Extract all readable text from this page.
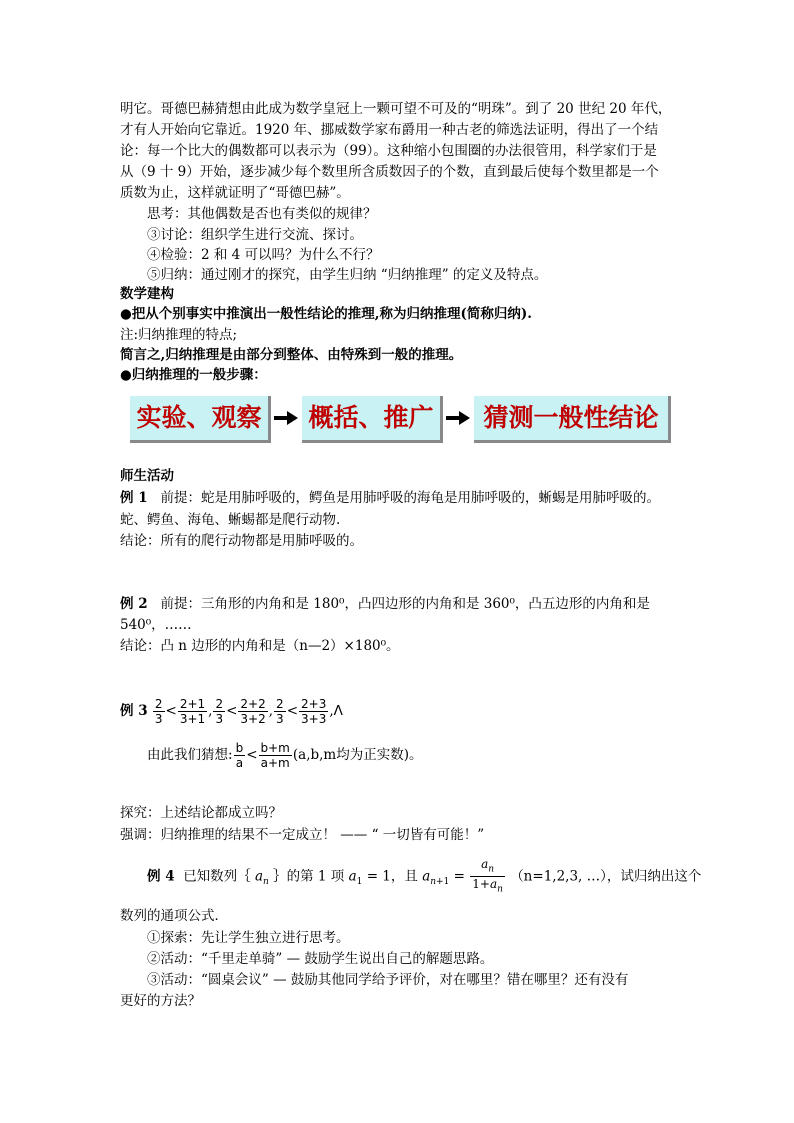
明它。哥德巴赫猜想由此成为数学皇冠上一颗可望不可及的“明珠”。到了 20 世纪 20 年代，
才有人开始向它靠近。1920 年、挪威数学家布爵用一种古老的筛选法证明，得出了一个结
论：每一个比大的偶数都可以表示为（99）。这种缩小包围圈的办法很管用，科学家们于是
从（9 十 9）开始，逐步减少每个数里所含质数因子的个数，直到最后使每个数里都是一个
质数为止，这样就证明了“哥德巴赫”。
思考：其他偶数是否也有类似的规律？
③讨论：组织学生进行交流、探讨。
④检验：2 和 4 可以吗？为什么不行？
⑤归纳：通过刚才的探究，由学生归纳 “归纳推理” 的定义及特点。
数学建构
●把从个别事实中推演出一般性结论的推理,称为归纳推理(简称归纳).
注:归纳推理的特点;
简言之,归纳推理是由部分到整体、由特殊到一般的推理。
●归纳推理的一般步骤：
实验、观察	概括、推广	猜测一般性结论
师生活动
例 1 前提：蛇是用肺呼吸的，鳄鱼是用肺呼吸的海龟是用肺呼吸的，蜥蜴是用肺呼吸的。
蛇、鳄鱼、海龟、蜥蜴都是爬行动物.
结论：所有的爬行动物都是用肺呼吸的。
例 2 前提：三角形的内角和是 180⁰，凸四边形的内角和是 360⁰，凸五边形的内角和是
540⁰，……
结论：凸 n 边形的内角和是（n—2）×180⁰。
例 $3 \frac{2}{3} < \frac{2+1}{3+1}$ , $\frac{2}{3} < \frac{2+2}{3+2}$ , $\frac{2}{3} < \frac{2+3}{3+3} ,\Lambda$
由此我们猜想: $\frac{b}{a} < \frac{b+m}{a+m} (a,b,m$均为正实数)。
探究：上述结论都成立吗？
强调：归纳推理的结果不一定成立！ —— “ 一切皆有可能！”
例 4 已知数列｛ $a_n$ ｝的第 1 项 $a_1 = 1$，且 $a_{n+1} = \frac{a_n}{1+a_n} (n=1,2,3$, …），试归纳出这个
数列的通项公式．
①探索：先让学生独立进行思考。
②活动：“千里走单骑” — 鼓励学生说出自己的解题思路。
③活动：“圆桌会议” — 鼓励其他同学给予评价，对在哪里？错在哪里？还有没有
更好的方法？
